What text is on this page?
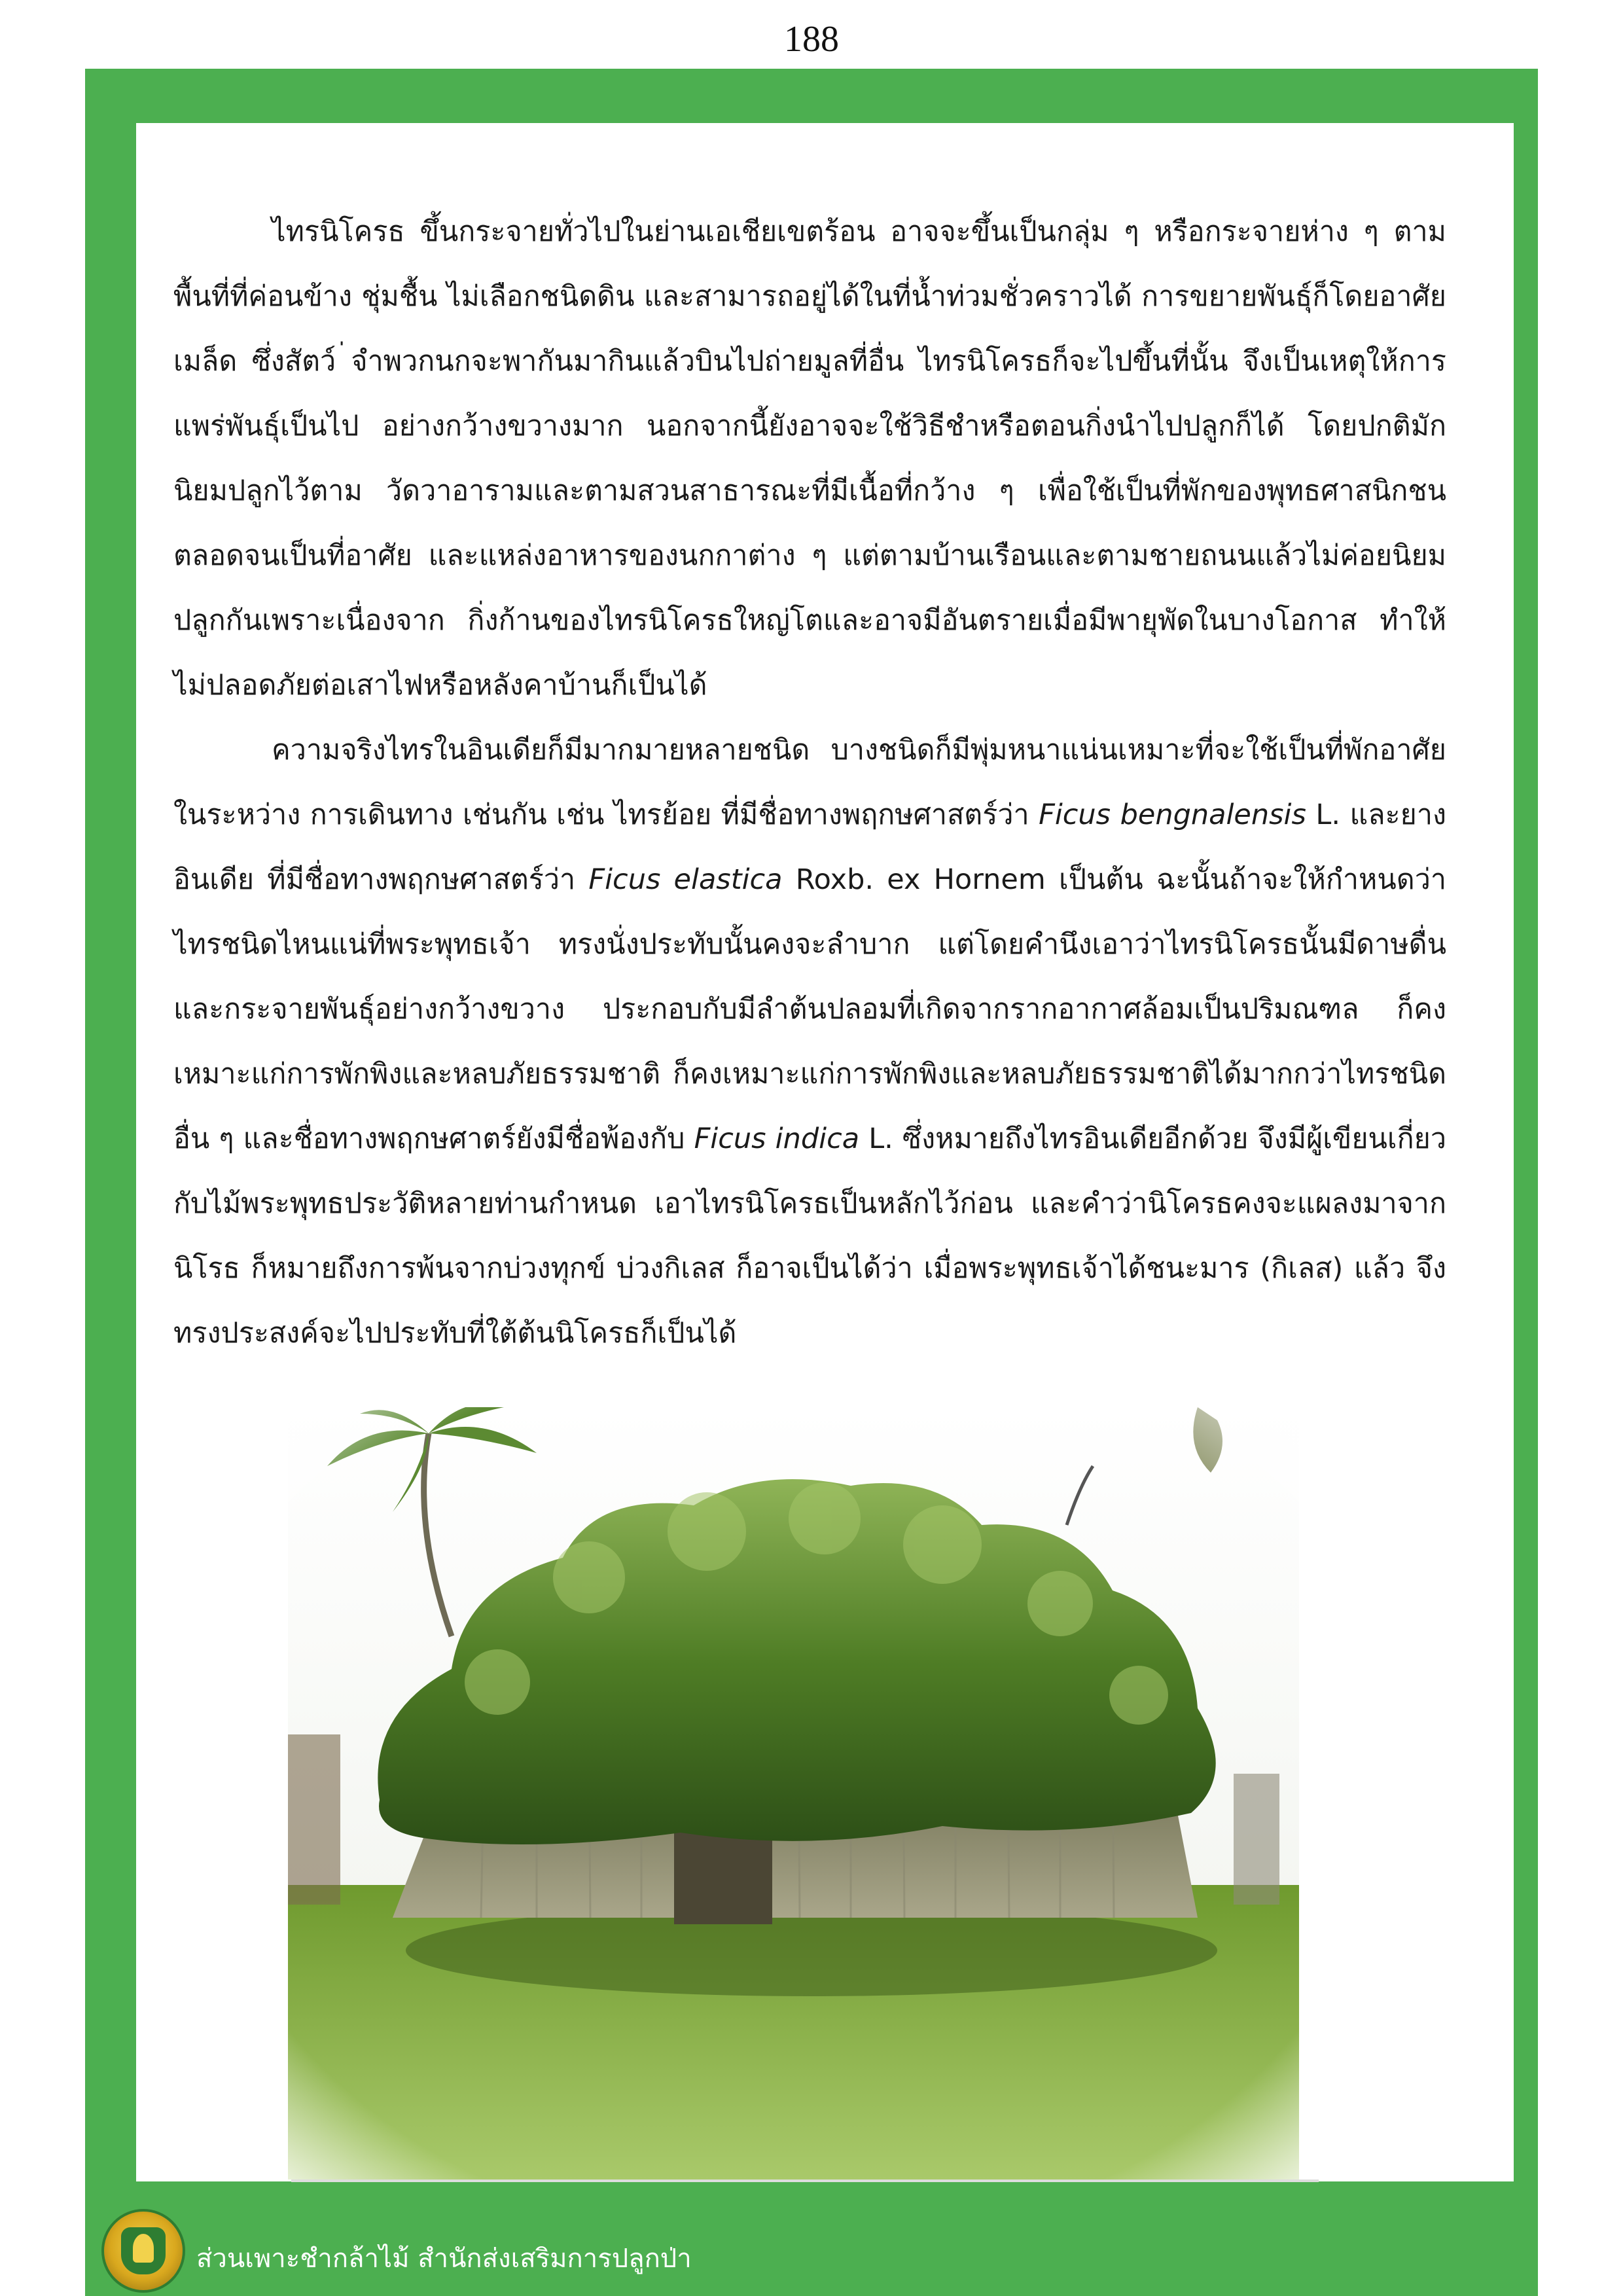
188

ไทรนิโครธ ขึ้นกระจายทั่วไปในย่านเอเชียเขตร้อน อาจจะขึ้นเป็นกลุ่ม ๆ หรือกระจายห่าง ๆ ตามพื้นที่ที่ค่อนข้าง ชุ่มชื้น ไม่เลือกชนิดดิน และสามารถอยู่ได้ในที่น้ำท่วมชั่วคราวได้ การขยายพันธุ์ก็โดยอาศัยเมล็ด ซึ่งสัตว์ ่จำพวกนกจะพากันมากินแล้วบินไปถ่ายมูลที่อื่น ไทรนิโครธก็จะไปขึ้นที่นั้น จึงเป็นเหตุให้การแพร่พันธุ์เป็นไป อย่างกว้างขวางมาก นอกจากนี้ยังอาจจะใช้วิธีชำหรือตอนกิ่งนำไปปลูกก็ได้ โดยปกติมักนิยมปลูกไว้ตาม วัดวาอารามและตามสวนสาธารณะที่มีเนื้อที่กว้าง ๆ เพื่อใช้เป็นที่พักของพุทธศาสนิกชน ตลอดจนเป็นที่อาศัย และแหล่งอาหารของนกกาต่าง ๆ แต่ตามบ้านเรือนและตามชายถนนแล้วไม่ค่อยนิยมปลูกกันเพราะเนื่องจาก กิ่งก้านของไทรนิโครธใหญ่โตและอาจมีอันตรายเมื่อมีพายุพัดในบางโอกาส ทำให้ไม่ปลอดภัยต่อเสาไฟหรือหลังคาบ้านก็เป็นได้

ความจริงไทรในอินเดียก็มีมากมายหลายชนิด บางชนิดก็มีพุ่มหนาแน่นเหมาะที่จะใช้เป็นที่พักอาศัยในระหว่าง การเดินทาง เช่นกัน เช่น ไทรย้อย ที่มีชื่อทางพฤกษศาสตร์ว่า Ficus bengnalensis L. และยางอินเดีย ที่มีชื่อทางพฤกษศาสตร์ว่า Ficus elastica Roxb. ex Hornem เป็นต้น ฉะนั้นถ้าจะให้กำหนดว่า ไทรชนิดไหนแน่ที่พระพุทธเจ้า ทรงนั่งประทับนั้นคงจะลำบาก แต่โดยคำนึงเอาว่าไทรนิโครธนั้นมีดาษดื่นและกระจายพันธุ์อย่างกว้างขวาง ประกอบกับมีลำต้นปลอมที่เกิดจากรากอากาศล้อมเป็นปริมณฑล ก็คงเหมาะแก่การพักพิงและหลบภัยธรรมชาติ ก็คงเหมาะแก่การพักพิงและหลบภัยธรรมชาติได้มากกว่าไทรชนิดอื่น ๆ และชื่อทางพฤกษศาตร์ยังมีชื่อพ้องกับ Ficus indica L. ซึ่งหมายถึงไทรอินเดียอีกด้วย จึงมีผู้เขียนเกี่ยวกับไม้พระพุทธประวัติหลายท่านกำหนด เอาไทรนิโครธเป็นหลักไว้ก่อน และคำว่านิโครธคงจะแผลงมาจากนิโรธ ก็หมายถึงการพ้นจากบ่วงทุกข์ บ่วงกิเลส ก็อาจเป็นได้ว่า เมื่อพระพุทธเจ้าได้ชนะมาร (กิเลส) แล้ว จึงทรงประสงค์จะไปประทับที่ใต้ต้นนิโครธก็เป็นได้

ส่วนเพาะชำกล้าไม้ สำนักส่งเสริมการปลูกป่า
